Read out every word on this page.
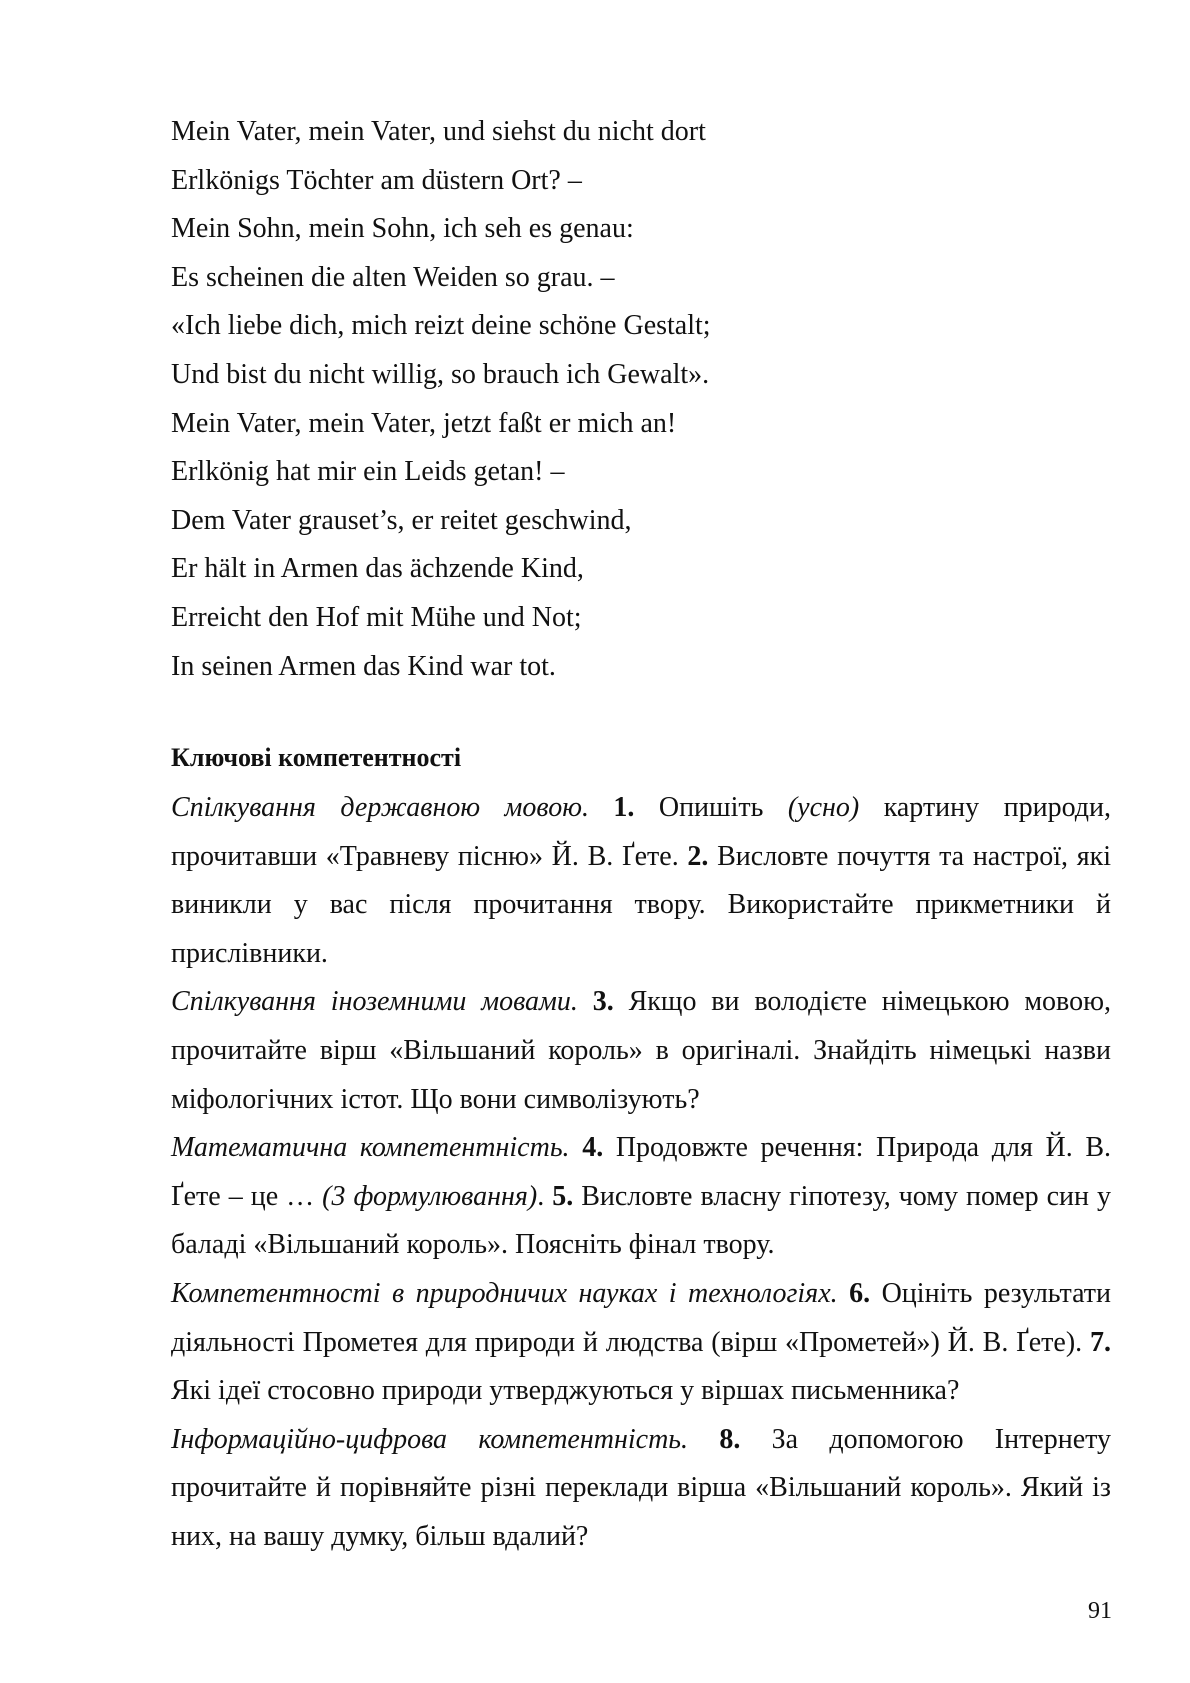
Mein Vater, mein Vater, und siehst du nicht dort
Erlkönigs Töchter am düstern Ort? –
Mein Sohn, mein Sohn, ich seh es genau:
Es scheinen die alten Weiden so grau. –
«Ich liebe dich, mich reizt deine schöne Gestalt;
Und bist du nicht willig, so brauch ich Gewalt».
Mein Vater, mein Vater, jetzt faßt er mich an!
Erlkönig hat mir ein Leids getan! –
Dem Vater grauset’s, er reitet geschwind,
Er hält in Armen das ächzende Kind,
Erreicht den Hof mit Mühe und Not;
In seinen Armen das Kind war tot.
Ключові компетентності

Спілкування державною мовою. 1. Опишіть (усно) картину природи, прочитавши «Травневу пісню» Й. В. Ґете. 2. Висловте почуття та настрої, які виникли у вас після прочитання твору. Використайте прикметники й прислівники.

Спілкування іноземними мовами. 3. Якщо ви володієте німецькою мовою, прочитайте вірш «Вільшаний король» в оригіналі. Знайдіть німецькі назви міфологічних істот. Що вони символізують?

Математична компетентність. 4. Продовжте речення: Природа для Й. В. Ґете – це … (3 формулювання). 5. Висловте власну гіпотезу, чому помер син у баладі «Вільшаний король». Поясніть фінал твору.

Компетентності в природничих науках і технологіях. 6. Оцініть результати діяльності Прометея для природи й людства (вірш «Прометей») Й. В. Ґете). 7. Які ідеї стосовно природи утверджуються у віршах письменника?

Інформаційно-цифрова компетентність. 8. За допомогою Інтернету прочитайте й порівняйте різні переклади вірша «Вільшаний король». Який із них, на вашу думку, більш вдалий?

91
